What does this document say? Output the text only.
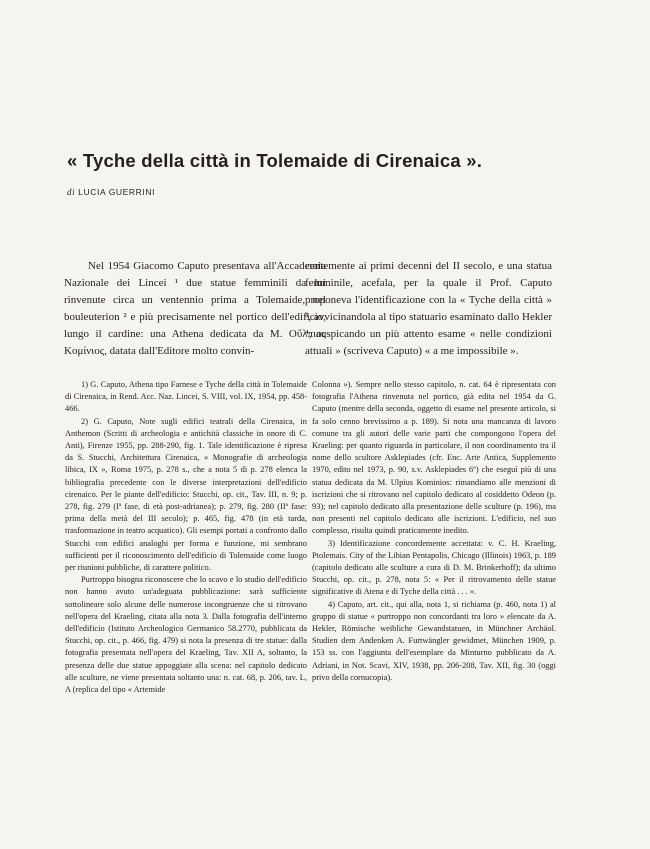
« Tyche della città in Tolemaide di Cirenaica ».
di LUCIA GUERRINI

Nel 1954 Giacomo Caputo presentava all'Accademia Nazionale dei Lincei ¹ due statue femminili da lui rinvenute circa un ventennio prima a Tolemaide, nel bouleuterion ² e più precisamente nel portico dell'edificio, lungo il cardine: una Athena dedicata da M. Οὔλπιος Κομίνιος, datata dall'Editore molto convin-

centemente ai primi decenni del II secolo, e una statua femminile, acefala, per la quale il Prof. Caputo proponeva l'identificazione con la « Tyche della città » ³, avvicinandola al tipo statuario esaminato dallo Hekler ⁴, auspicando un più attento esame « nelle condizioni attuali » (scriveva Caputo) « a me impossibile ».

1) G. Caputo, Athena tipo Farnese e Tyche della città in Tolemaide di Cirenaica, in Rend. Acc. Naz. Lincei, S. VIII, vol. IX, 1954, pp. 458-466.

2) G. Caputo, Note sugli edifici teatrali della Cirenaica, in Anthemon (Scritti di archeologia e antichità classiche in onore di C. Anti), Firenze 1955, pp. 288-290, fig. 1. Tale identificazione è ripresa da S. Stucchi, Architettura Cirenaica, « Monografie di archeologia libica, IX », Roma 1975, p. 278 s., che a nota 5 di p. 278 elenca la bibliografia precedente con le diverse interpretazioni dell'edificio cirenaico. Per le piante dell'edificio: Stucchi, op. cit., Tav. III, n. 9; p. 278, fig. 279 (Iª fase, di età post-adrianea); p. 279, fig. 280 (IIª fase: prima della metà del III secolo); p. 465, fig. 478 (in età tarda, trasformazione in teatro acquatico). Gli esempi portati a confronto dallo Stucchi con edifici analoghi per forma e funzione, mi sembrano sufficienti per il riconoscimento dell'edificio di Tolemaide come luogo per riunioni pubbliche, di carattere politico.

Purtroppo bisogna riconoscere che lo scavo e lo studio dell'edificio non hanno avuto un'adeguata pubblicazione: sarà sufficiente sottolineare solo alcune delle numerose incongruenze che si ritrovano nell'opera del Kraeling, citata alla nota 3. Dalla fotografia dell'interno dell'edificio (Istituto Archeologico Germanico 58.2770, pubblicata da Stucchi, op. cit., p. 466, fig. 479) si nota la presenza di tre statue: dalla fotografia presentata nell'opera del Kraeling, Tav. XII A, soltanto, la presenza delle due statue appoggiate alla scena: nel capitolo dedicato alle sculture, ne viene presentata soltanto una: n. cat. 68, p. 206, tav. L, A (replica del tipo « Artemide

Colonna »). Sempre nello stesso capitolo, n. cat. 64 è ripresentata con fotografia l'Athena rinvenuta nel portico, già edita nel 1954 da G. Caputo (mentre della seconda, oggetto di esame nel presente articolo, si fa solo cenno brevissimo a p. 189). Si nota una mancanza di lavoro comune tra gli autori delle varie parti che compongono l'opera del Kraeling: per quanto riguarda in particolare, il non coordinamento tra il nome dello scultore Asklepiades (cfr. Enc. Arte Antica, Supplemento 1970, edito nel 1973, p. 90, s.v. Asklepiades 6º) che eseguì più di una statua dedicata da M. Ulpius Kominios: rimandiamo alle menzioni di iscrizioni che si ritrovano nel capitolo dedicato al cosiddetto Odeon (p. 93); nel capitolo dedicato alla presentazione delle sculture (p. 196), ma non presenti nel capitolo dedicato alle iscrizioni. L'edificio, nel suo complesso, risulta quindi praticamente inedito.

3) Identificazione concordemente accettata: v. C. H. Kraeling, Ptolemais. City of the Libian Pentapolis, Chicago (Illinois) 1963, p. 189 (capitolo dedicato alle sculture a cura di D. M. Brinkerhoff); da ultimo Stucchi, op. cit., p. 278, nota 5: « Per il ritrovamento delle statue significative di Atena e di Tyche della città . . . ».

4) Caputo, art. cit., qui alla, nota 1, si richiama (p. 460, nota 1) al gruppo di statue « purtroppo non concordanti tra loro » elencate da A. Hekler, Römische weibliche Gewandstatuen, in Münchner Archäol. Studien dem Andenken A. Furtwängler gewidmet, München 1909, p. 153 ss. con l'aggiunta dell'esemplare da Minturno pubblicato da A. Adriani, in Not. Scavi, XIV, 1938, pp. 206-208, Tav. XII, fig. 30 (oggi privo della cornucopia).
